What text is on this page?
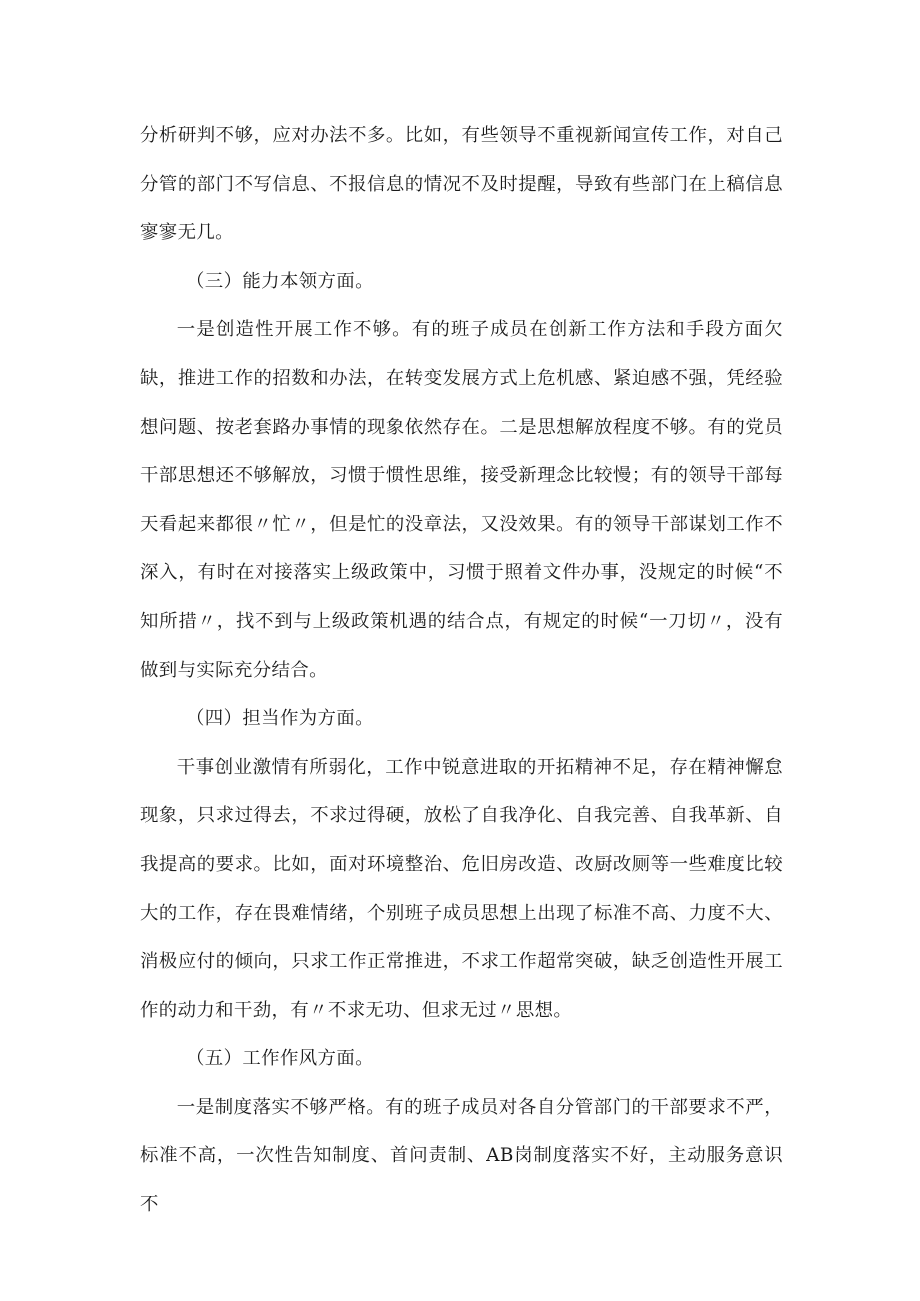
分析研判不够，应对办法不多。比如，有些领导不重视新闻宣传工作，对自己分管的部门不写信息、不报信息的情况不及时提醒，导致有些部门在上稿信息寥寥无几。

（三）能力本领方面。

一是创造性开展工作不够。有的班子成员在创新工作方法和手段方面欠缺，推进工作的招数和办法，在转变发展方式上危机感、紧迫感不强，凭经验想问题、按老套路办事情的现象依然存在。二是思想解放程度不够。有的党员干部思想还不够解放，习惯于惯性思维，接受新理念比较慢；有的领导干部每天看起来都很〃忙〃，但是忙的没章法，又没效果。有的领导干部谋划工作不深入，有时在对接落实上级政策中，习惯于照着文件办事，没规定的时候“不知所措〃，找不到与上级政策机遇的结合点，有规定的时候“一刀切〃，没有做到与实际充分结合。

（四）担当作为方面。

干事创业激情有所弱化，工作中锐意进取的开拓精神不足，存在精神懈怠现象，只求过得去，不求过得硬，放松了自我净化、自我完善、自我革新、自我提高的要求。比如，面对环境整治、危旧房改造、改厨改厕等一些难度比较大的工作，存在畏难情绪，个别班子成员思想上出现了标准不高、力度不大、消极应付的倾向，只求工作正常推进，不求工作超常突破，缺乏创造性开展工作的动力和干劲，有〃不求无功、但求无过〃思想。

（五）工作作风方面。

一是制度落实不够严格。有的班子成员对各自分管部门的干部要求不严，标准不高，一次性告知制度、首问责制、AB岗制度落实不好，主动服务意识不
